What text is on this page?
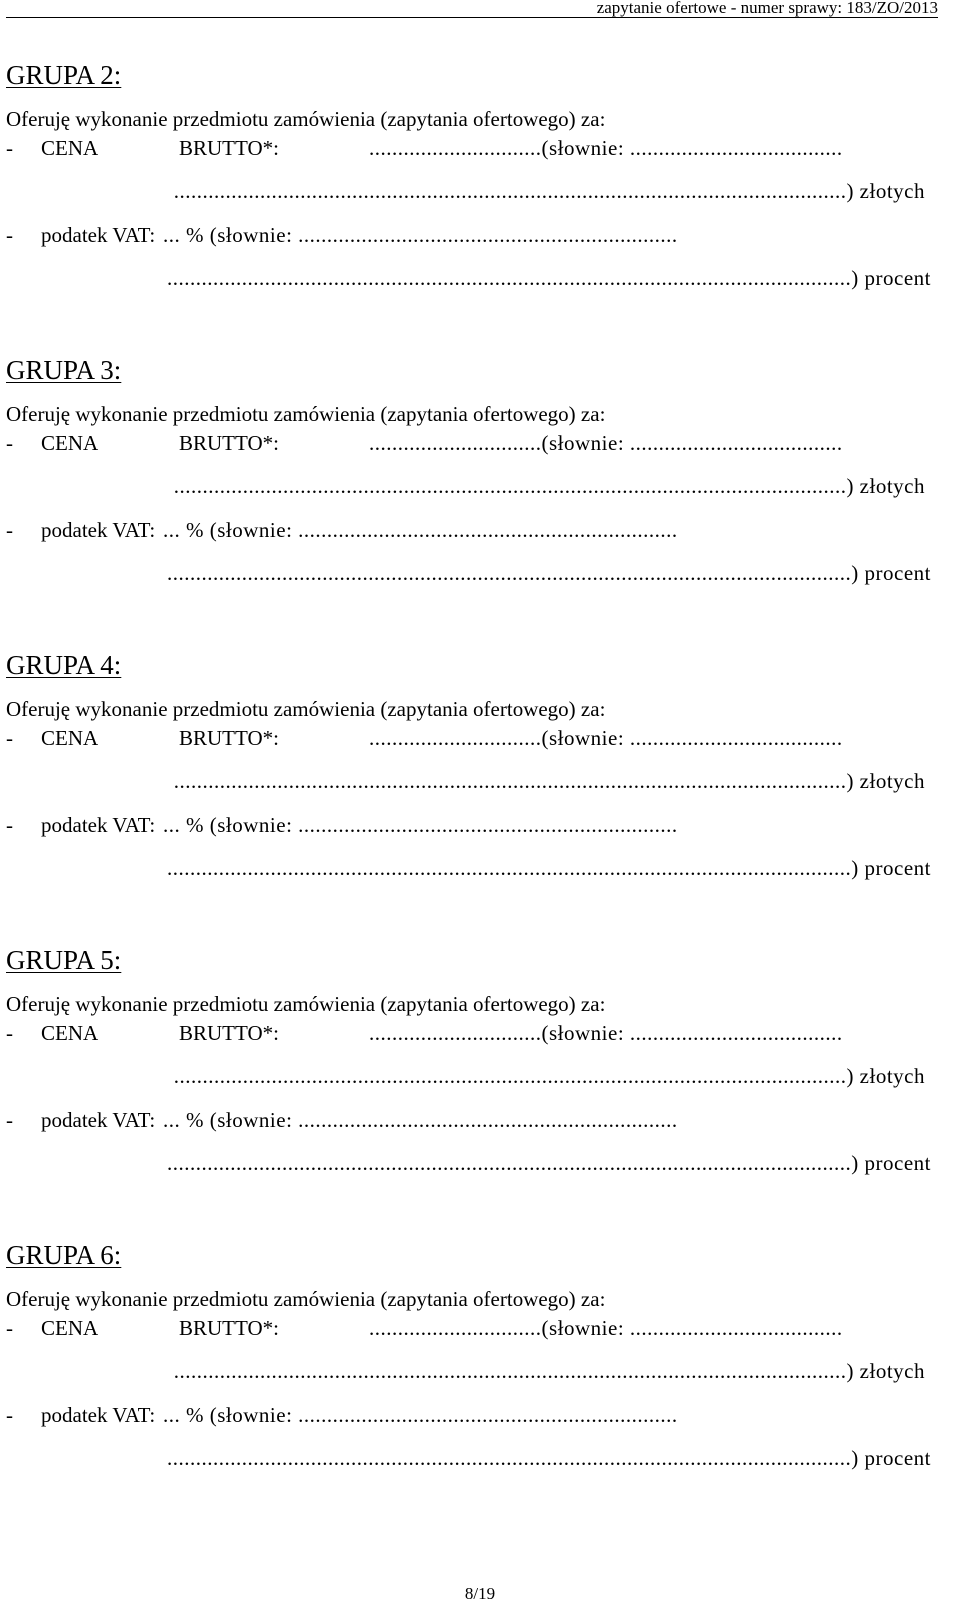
zapytanie ofertowe - numer sprawy: 183/ZO/2013
GRUPA 2:
Oferuję wykonanie przedmiotu zamówienia (zapytania ofertowego) za:
- CENA	BRUTTO*:	..............................(słownie: .....................................
.....................................................................................................................) złotych
- podatek VAT: ... % (słownie: ..................................................................
.......................................................................................................................) procent
GRUPA 3:
Oferuję wykonanie przedmiotu zamówienia (zapytania ofertowego) za:
- CENA	BRUTTO*:	..............................(słownie: .....................................
.....................................................................................................................) złotych
- podatek VAT: ... % (słownie: ..................................................................
.......................................................................................................................) procent
GRUPA 4:
Oferuję wykonanie przedmiotu zamówienia (zapytania ofertowego) za:
- CENA	BRUTTO*:	..............................(słownie: .....................................
.....................................................................................................................) złotych
- podatek VAT: ... % (słownie: ..................................................................
.......................................................................................................................) procent
GRUPA 5:
Oferuję wykonanie przedmiotu zamówienia (zapytania ofertowego) za:
- CENA	BRUTTO*:	..............................(słownie: .....................................
.....................................................................................................................) złotych
- podatek VAT: ... % (słownie: ..................................................................
.......................................................................................................................) procent
GRUPA 6:
Oferuję wykonanie przedmiotu zamówienia (zapytania ofertowego) za:
- CENA	BRUTTO*:	..............................(słownie: .....................................
.....................................................................................................................) złotych
- podatek VAT: ... % (słownie: ..................................................................
.......................................................................................................................) procent
8/19
